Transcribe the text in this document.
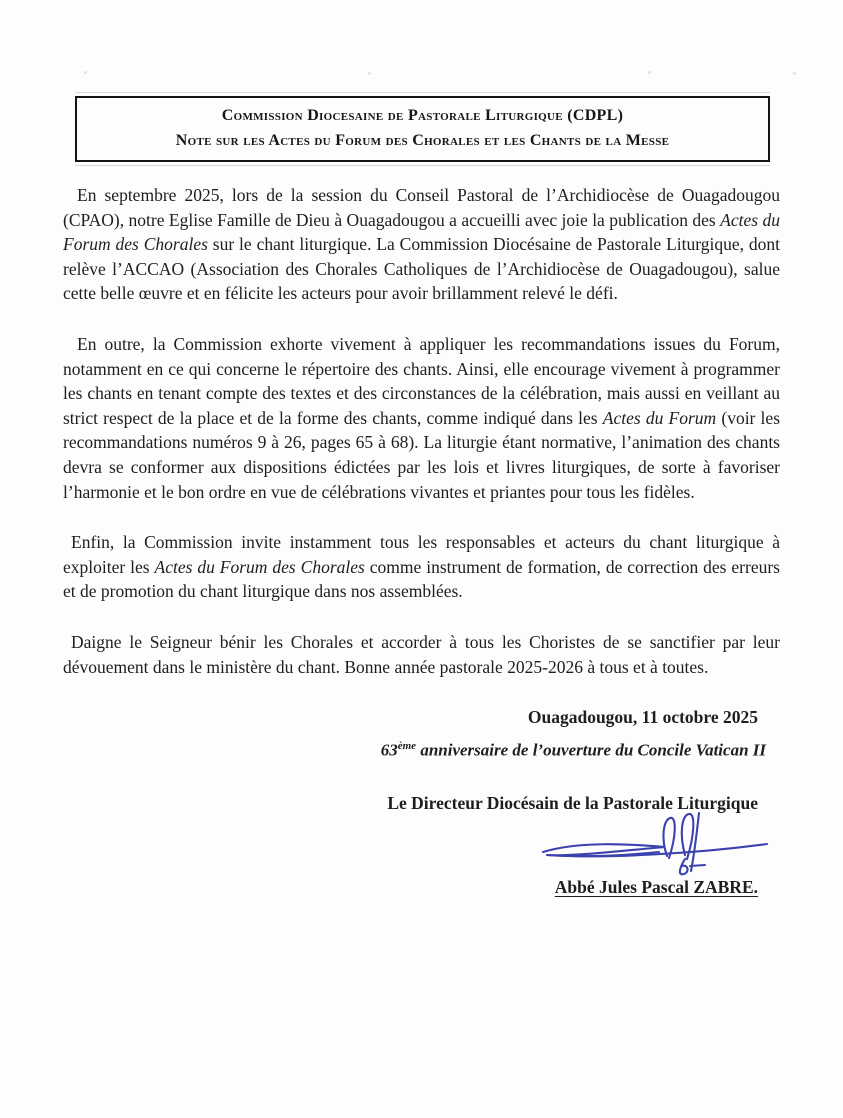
Commission Diocesaine de Pastorale Liturgique (CDPL)
Note sur les Actes du Forum des Chorales et les Chants de la Messe

En septembre 2025, lors de la session du Conseil Pastoral de l’Archidiocèse de Ouagadougou (CPAO), notre Eglise Famille de Dieu à Ouagadougou a accueilli avec joie la publication des Actes du Forum des Chorales sur le chant liturgique. La Commission Diocésaine de Pastorale Liturgique, dont relève l’ACCAO (Association des Chorales Catholiques de l’Archidiocèse de Ouagadougou), salue cette belle œuvre et en félicite les acteurs pour avoir brillamment relevé le défi.

En outre, la Commission exhorte vivement à appliquer les recommandations issues du Forum, notamment en ce qui concerne le répertoire des chants. Ainsi, elle encourage vivement à programmer les chants en tenant compte des textes et des circonstances de la célébration, mais aussi en veillant au strict respect de la place et de la forme des chants, comme indiqué dans les Actes du Forum (voir les recommandations numéros 9 à 26, pages 65 à 68). La liturgie étant normative, l’animation des chants devra se conformer aux dispositions édictées par les lois et livres liturgiques, de sorte à favoriser l’harmonie et le bon ordre en vue de célébrations vivantes et priantes pour tous les fidèles.

Enfin, la Commission invite instamment tous les responsables et acteurs du chant liturgique à exploiter les Actes du Forum des Chorales comme instrument de formation, de correction des erreurs et de promotion du chant liturgique dans nos assemblées.

Daigne le Seigneur bénir les Chorales et accorder à tous les Choristes de se sanctifier par leur dévouement dans le ministère du chant. Bonne année pastorale 2025-2026 à tous et à toutes.

Ouagadougou, 11 octobre 2025
63ème anniversaire de l’ouverture du Concile Vatican II
Le Directeur Diocésain de la Pastorale Liturgique
Abbé Jules Pascal ZABRE.
